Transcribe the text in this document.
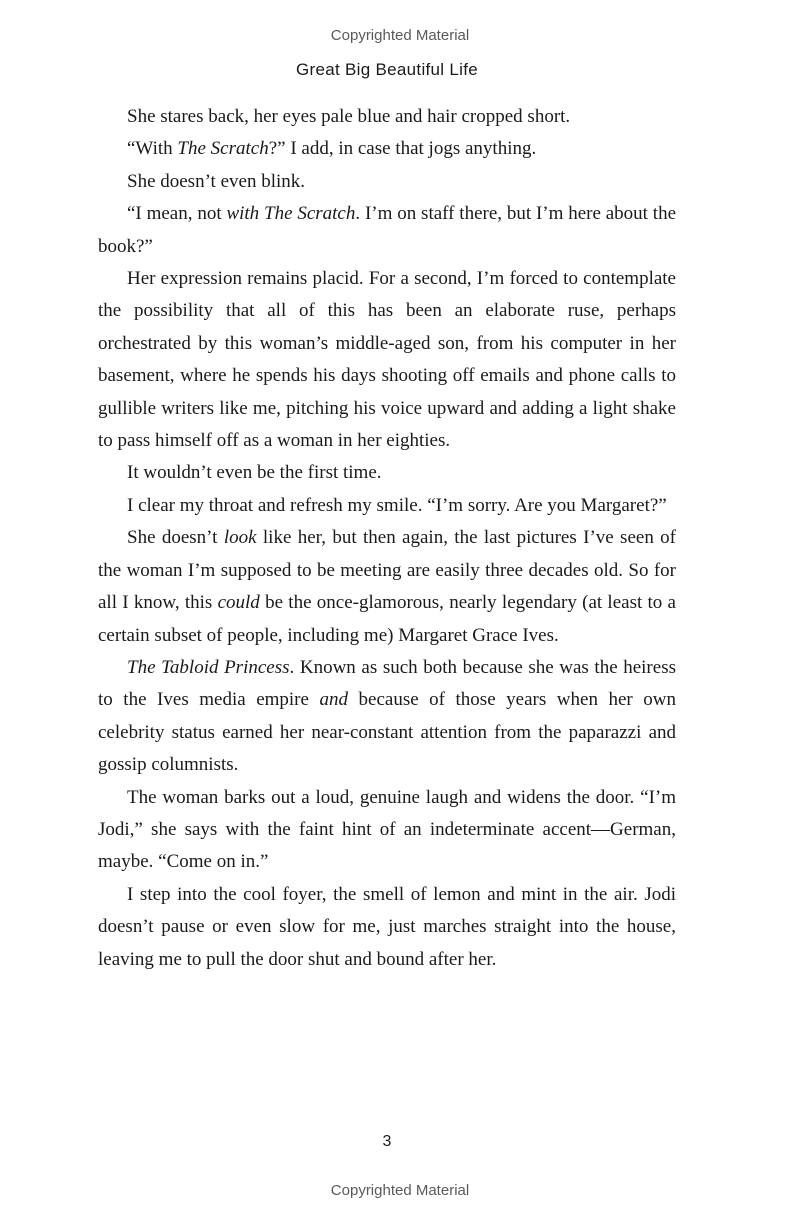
Copyrighted Material
Great Big Beautiful Life

She stares back, her eyes pale blue and hair cropped short.

“With The Scratch?” I add, in case that jogs anything.

She doesn’t even blink.

“I mean, not with The Scratch. I’m on staff there, but I’m here about the book?”

Her expression remains placid. For a second, I’m forced to contemplate the possibility that all of this has been an elaborate ruse, perhaps orchestrated by this woman’s middle-aged son, from his computer in her basement, where he spends his days shooting off emails and phone calls to gullible writers like me, pitching his voice upward and adding a light shake to pass himself off as a woman in her eighties.

It wouldn’t even be the first time.

I clear my throat and refresh my smile. “I’m sorry. Are you Margaret?”

She doesn’t look like her, but then again, the last pictures I’ve seen of the woman I’m supposed to be meeting are easily three decades old. So for all I know, this could be the once-glamorous, nearly legendary (at least to a certain subset of people, including me) Margaret Grace Ives.

The Tabloid Princess. Known as such both because she was the heiress to the Ives media empire and because of those years when her own celebrity status earned her near-constant attention from the paparazzi and gossip columnists.

The woman barks out a loud, genuine laugh and widens the door. “I’m Jodi,” she says with the faint hint of an indeterminate accent—German, maybe. “Come on in.”

I step into the cool foyer, the smell of lemon and mint in the air. Jodi doesn’t pause or even slow for me, just marches straight into the house, leaving me to pull the door shut and bound after her.

3
Copyrighted Material
